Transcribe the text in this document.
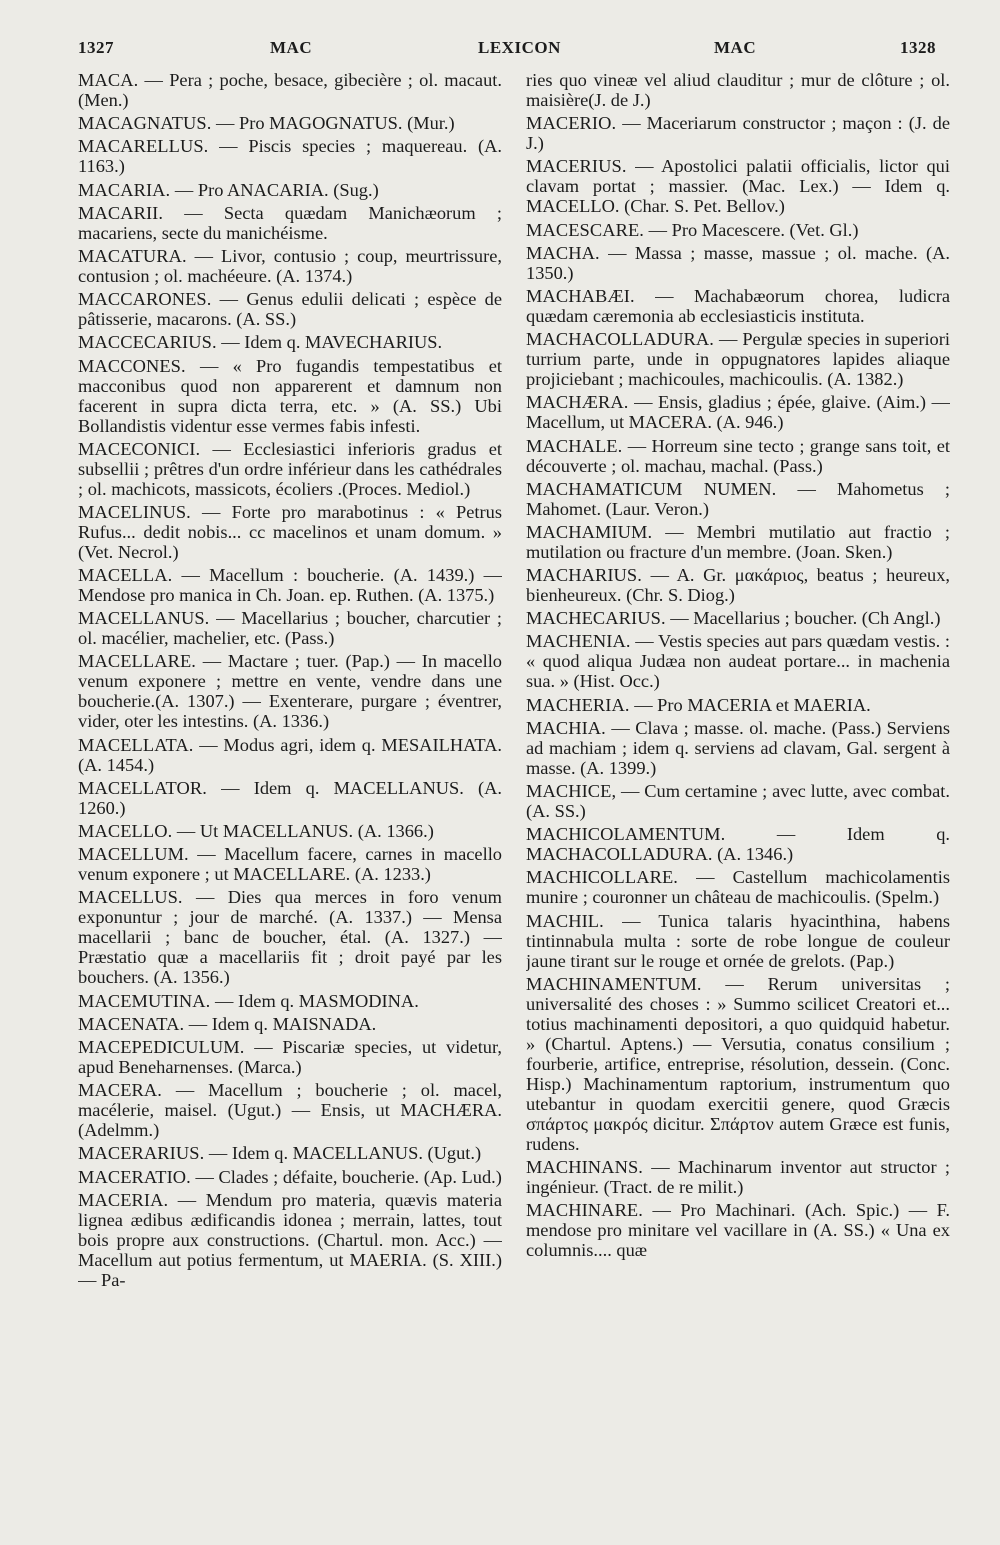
1327	MAC	LEXICON	MAC	1328

MACA. — Pera ; poche, besace, gibecière ; ol. macaut. (Men.)

MACAGNATUS. — Pro MAGOGNATUS. (Mur.)

MACARELLUS. — Piscis species ; maquereau. (A. 1163.)

MACARIA. — Pro ANACARIA. (Sug.)

MACARII. — Secta quædam Manichæorum ; macariens, secte du manichéisme.

MACATURA. — Livor, contusio ; coup, meurtrissure, contusion ; ol. machéeure. (A. 1374.)

MACCARONES. — Genus edulii delicati ; espèce de pâtisserie, macarons. (A. SS.)

MACCECARIUS. — Idem q. MAVECHARIUS.

MACCONES. — « Pro fugandis tempestatibus et macconibus quod non apparerent et damnum non facerent in supra dicta terra, etc. » (A. SS.) Ubi Bollandistis videntur esse vermes fabis infesti.

MACECONICI. — Ecclesiastici inferioris gradus et subsellii ; prêtres d'un ordre inférieur dans les cathédrales ; ol. machicots, massicots, écoliers .(Proces. Mediol.)

MACELINUS. — Forte pro marabotinus : « Petrus Rufus... dedit nobis... cc macelinos et unam domum. » (Vet. Necrol.)

MACELLA. — Macellum : boucherie. (A. 1439.) — Mendose pro manica in Ch. Joan. ep. Ruthen. (A. 1375.)

MACELLANUS. — Macellarius ; boucher, charcutier ; ol. macélier, machelier, etc. (Pass.)

MACELLARE. — Mactare ; tuer. (Pap.) — In macello venum exponere ; mettre en vente, vendre dans une boucherie.(A. 1307.) — Exenterare, purgare ; éventrer, vider, oter les intestins. (A. 1336.)

MACELLATA. — Modus agri, idem q. MESAILHATA. (A. 1454.)

MACELLATOR. — Idem q. MACELLANUS. (A. 1260.)

MACELLO. — Ut MACELLANUS. (A. 1366.)

MACELLUM. — Macellum facere, carnes in macello venum exponere ; ut MACELLARE. (A. 1233.)

MACELLUS. — Dies qua merces in foro venum exponuntur ; jour de marché. (A. 1337.) — Mensa macellarii ; banc de boucher, étal. (A. 1327.) — Præstatio quæ a macellariis fit ; droit payé par les bouchers. (A. 1356.)

MACEMUTINA. — Idem q. MASMODINA.

MACENATA. — Idem q. MAISNADA.

MACEPEDICULUM. — Piscariæ species, ut videtur, apud Beneharnenses. (Marca.)

MACERA. — Macellum ; boucherie ; ol. macel, macélerie, maisel. (Ugut.) — Ensis, ut MACHÆRA. (Adelmm.)

MACERARIUS. — Idem q. MACELLANUS. (Ugut.)

MACERATIO. — Clades ; défaite, boucherie. (Ap. Lud.)

MACERIA. — Mendum pro materia, quævis materia lignea ædibus ædificandis idonea ; merrain, lattes, tout bois propre aux constructions. (Chartul. mon. Acc.) — Macellum aut potius fermentum, ut MAERIA. (S. XIII.) — Pa-

ries quo vineæ vel aliud clauditur ; mur de clôture ; ol. maisière(J. de J.)

MACERIO. — Maceriarum constructor ; maçon : (J. de J.)

MACERIUS. — Apostolici palatii officialis, lictor qui clavam portat ; massier. (Mac. Lex.) — Idem q. MACELLO. (Char. S. Pet. Bellov.)

MACESCARE. — Pro Macescere. (Vet. Gl.)

MACHA. — Massa ; masse, massue ; ol. mache. (A. 1350.)

MACHABÆI. — Machabæorum chorea, ludicra quædam cæremonia ab ecclesiasticis instituta.

MACHACOLLADURA. — Pergulæ species in superiori turrium parte, unde in oppugnatores lapides aliaque projiciebant ; machicoules, machicoulis. (A. 1382.)

MACHÆRA. — Ensis, gladius ; épée, glaive. (Aim.) — Macellum, ut MACERA. (A. 946.)

MACHALE. — Horreum sine tecto ; grange sans toit, et découverte ; ol. machau, machal. (Pass.)

MACHAMATICUM NUMEN. — Mahometus ; Mahomet. (Laur. Veron.)

MACHAMIUM. — Membri mutilatio aut fractio ; mutilation ou fracture d'un membre. (Joan. Sken.)

MACHARIUS. — A. Gr. μακάριος, beatus ; heureux, bienheureux. (Chr. S. Diog.)

MACHECARIUS. — Macellarius ; boucher. (Ch Angl.)

MACHENIA. — Vestis species aut pars quædam vestis. : « quod aliqua Judæa non audeat portare... in machenia sua. » (Hist. Occ.)

MACHERIA. — Pro MACERIA et MAERIA.

MACHIA. — Clava ; masse. ol. mache. (Pass.) Serviens ad machiam ; idem q. serviens ad clavam, Gal. sergent à masse. (A. 1399.)

MACHICE, — Cum certamine ; avec lutte, avec combat. (A. SS.)

MACHICOLAMENTUM. — Idem q. MACHACOLLADURA. (A. 1346.)

MACHICOLLARE. — Castellum machicolamentis munire ; couronner un château de machicoulis. (Spelm.)

MACHIL. — Tunica talaris hyacinthina, habens tintinnabula multa : sorte de robe longue de couleur jaune tirant sur le rouge et ornée de grelots. (Pap.)

MACHINAMENTUM. — Rerum universitas ; universalité des choses : » Summo scilicet Creatori et... totius machinamenti depositori, a quo quidquid habetur. » (Chartul. Aptens.) — Versutia, conatus consilium ; fourberie, artifice, entreprise, résolution, dessein. (Conc. Hisp.) Machinamentum raptorium, instrumentum quo utebantur in quodam exercitii genere, quod Græcis σπάρτος μακρός dicitur. Σπάρτον autem Græce est funis, rudens.

MACHINANS. — Machinarum inventor aut structor ; ingénieur. (Tract. de re milit.)

MACHINARE. — Pro Machinari. (Ach. Spic.) — F. mendose pro minitare vel vacillare in (A. SS.) « Una ex columnis.... quæ
